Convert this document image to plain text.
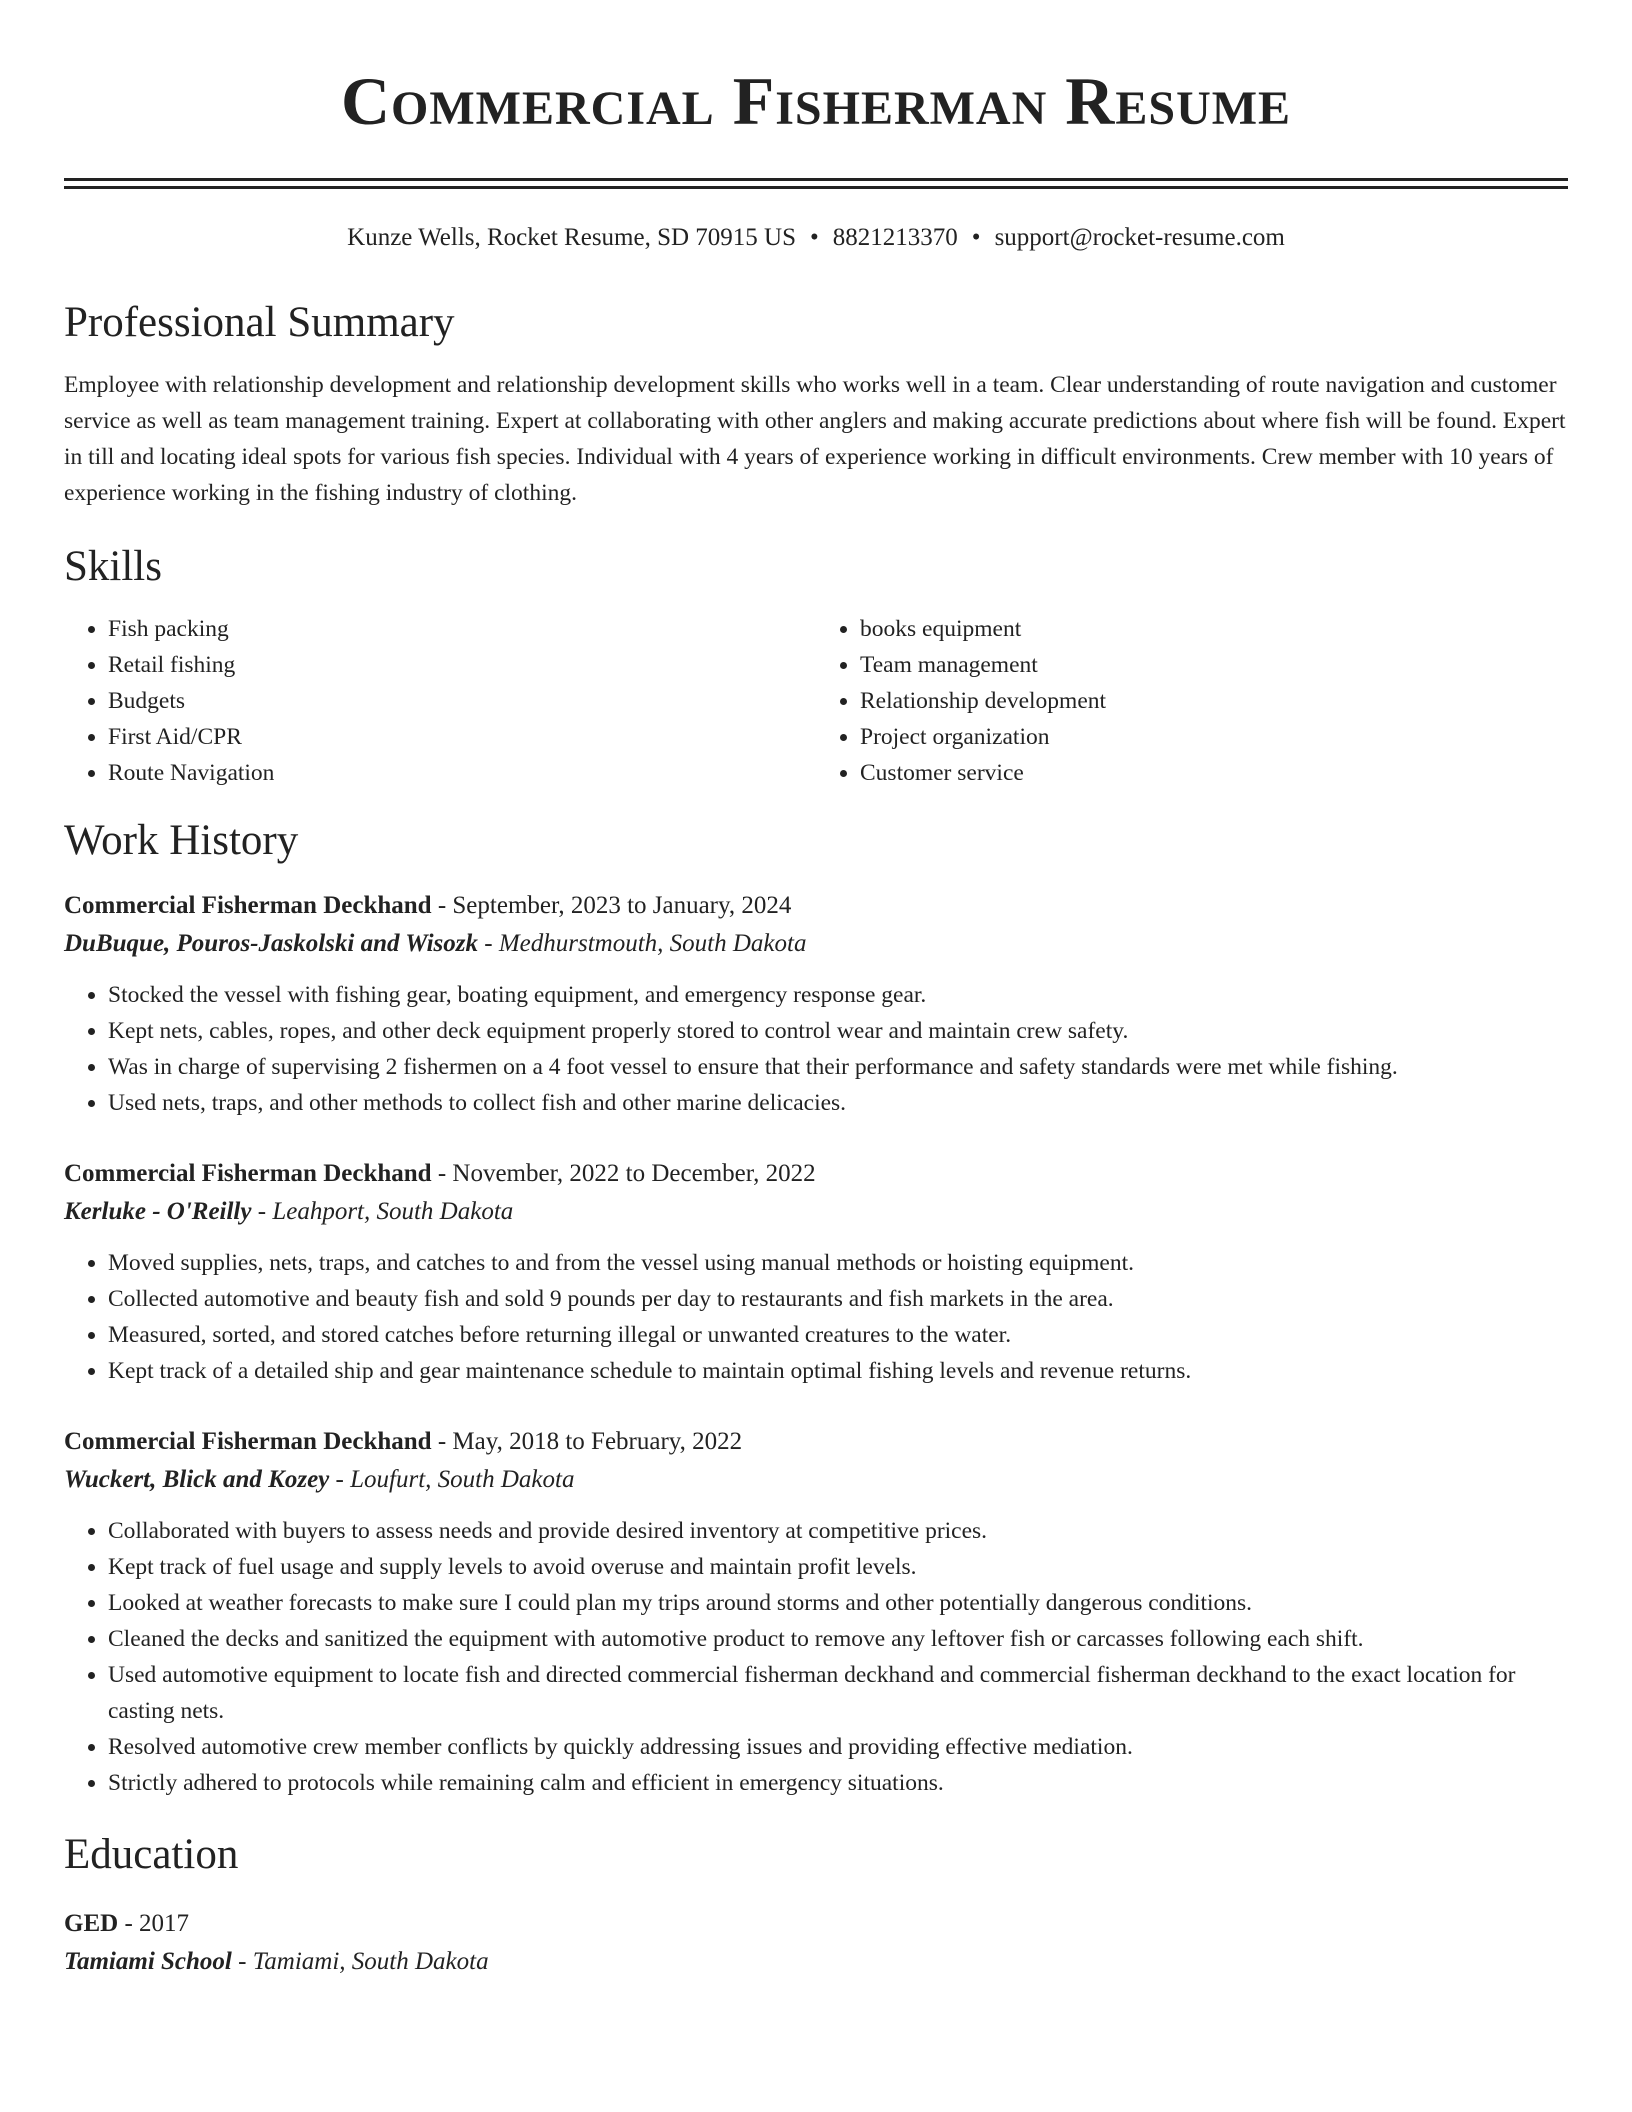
Commercial Fisherman Resume
Kunze Wells, Rocket Resume, SD 70915 US • 8821213370 • support@rocket-resume.com
Professional Summary

Employee with relationship development and relationship development skills who works well in a team. Clear understanding of route navigation and customer service as well as team management training. Expert at collaborating with other anglers and making accurate predictions about where fish will be found. Expert in till and locating ideal spots for various fish species. Individual with 4 years of experience working in difficult environments. Crew member with 10 years of experience working in the fishing industry of clothing.

Skills
• Fish packing
• Retail fishing
• Budgets
• First Aid/CPR
• Route Navigation
• books equipment
• Team management
• Relationship development
• Project organization
• Customer service
Work History
Commercial Fisherman Deckhand - September, 2023 to January, 2024
DuBuque, Pouros-Jaskolski and Wisozk - Medhurstmouth, South Dakota
• Stocked the vessel with fishing gear, boating equipment, and emergency response gear.
• Kept nets, cables, ropes, and other deck equipment properly stored to control wear and maintain crew safety.
• Was in charge of supervising 2 fishermen on a 4 foot vessel to ensure that their performance and safety standards were met while fishing.
• Used nets, traps, and other methods to collect fish and other marine delicacies.
Commercial Fisherman Deckhand - November, 2022 to December, 2022
Kerluke - O'Reilly - Leahport, South Dakota
• Moved supplies, nets, traps, and catches to and from the vessel using manual methods or hoisting equipment.
• Collected automotive and beauty fish and sold 9 pounds per day to restaurants and fish markets in the area.
• Measured, sorted, and stored catches before returning illegal or unwanted creatures to the water.
• Kept track of a detailed ship and gear maintenance schedule to maintain optimal fishing levels and revenue returns.
Commercial Fisherman Deckhand - May, 2018 to February, 2022
Wuckert, Blick and Kozey - Loufurt, South Dakota
• Collaborated with buyers to assess needs and provide desired inventory at competitive prices.
• Kept track of fuel usage and supply levels to avoid overuse and maintain profit levels.
• Looked at weather forecasts to make sure I could plan my trips around storms and other potentially dangerous conditions.
• Cleaned the decks and sanitized the equipment with automotive product to remove any leftover fish or carcasses following each shift.
• Used automotive equipment to locate fish and directed commercial fisherman deckhand and commercial fisherman deckhand to the exact location for casting nets.
• Resolved automotive crew member conflicts by quickly addressing issues and providing effective mediation.
• Strictly adhered to protocols while remaining calm and efficient in emergency situations.
Education
GED - 2017
Tamiami School - Tamiami, South Dakota
